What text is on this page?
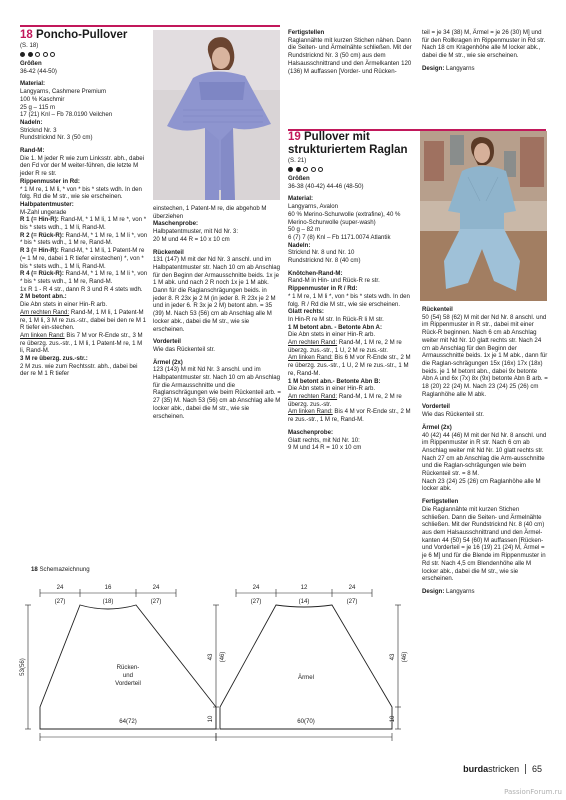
18 Poncho-Pullover

(S. 18)

Größen

36-42 (44-50)

Material:

Langyarns, Cashmere Premium
100 % Kaschmir
25 g – 115 m
17 (21) Knl – Fb 78.0190 Veilchen

Nadeln:

Stricknd Nr. 3
Rundstricknd Nr. 3 (50 cm)

Rand-M:

Die 1. M jeder R wie zum Linksstr. abh., dabei den Fd vor der M weiter-führen, die letzte M jeder R re str.

Rippenmuster in Rd:

* 1 M re, 1 M li, * von * bis * stets wdh. In den folg. Rd die M str., wie sie erscheinen.

Halbpatentmuster:

M-Zahl ungerade

R 1 (= Hin-R): Rand-M, * 1 M li, 1 M re *, von * bis * stets wdh., 1 M li, Rand-M.

R 2 (= Rück-R): Rand-M, * 1 M re, 1 M li *, von * bis * stets wdh., 1 M re, Rand-M.

R 3 (= Hin-R): Rand-M, * 1 M li, 1 Patent-M re (= 1 M re, dabei 1 R tiefer einstechen) *, von * bis * stets wdh., 1 M li, Rand-M.

R 4 (= Rück-R): Rand-M, * 1 M re, 1 M li *, von * bis * stets wdh., 1 M re, Rand-M.

1x R 1 - R 4 str., dann R 3 und R 4 stets wdh.

2 M betont abn.:

Die Abn stets in einer Hin-R arb.

Am rechten Rand: Rand-M, 1 M li, 1 Patent-M re, 1 M li, 3 M re zus.-str., dabei bei den re M 1 R tiefer ein-stechen.

Am linken Rand: Bis 7 M vor R-Ende str., 3 M re überzg. zus.-str., 1 M li, 1 Patent-M re, 1 M li, Rand-M.

3 M re überzg. zus.-str.:

2 M zus. wie zum Rechtsstr. abh., dabei bei der re M 1 R tiefer

einstechen, 1 Patent-M re, die abgehob M überziehen

Maschenprobe:

Halbpatentmuster, mit Nd Nr. 3:
20 M und 44 R = 10 x 10 cm

Rückenteil

131 (147) M mit der Nd Nr. 3 anschl. und im Halbpatentmuster str. Nach 10 cm ab Anschlag für den Beginn der Armausschnitte beids. 1x je 1 M abk. und nach 2 R noch 1x je 1 M abk. Dann für die Raglanschrägungen beids. in jeder 8. R 23x je 2 M (in jeder 8. R 23x je 2 M und in jeder 6. R 3x je 2 M) betont abn. = 35 (39) M. Nach 53 (56) cm ab Anschlag alle M locker abk., dabei die M str., wie sie erscheinen.

Vorderteil

Wie das Rückenteil str.

Ärmel (2x)

123 (143) M mit Nd Nr. 3 anschl. und im Halbpatentmuster str. Nach 10 cm ab Anschlag für die Armausschnitte und die Raglanschrägungen wie beim Rückenteil arb. = 27 (35) M. Nach 53 (56) cm ab Anschlag alle M locker abk., dabei die M str., wie sie erscheinen.

Fertigstellen

Raglannähte mit kurzen Stichen nähen. Dann die Seiten- und Ärmelnähte schließen. Mit der Rundstricknd Nr. 3 (50 cm) aus dem Halsausschnittrand und den Ärmelkanten 120 (136) M auffassen [Vorder- und Rücken-

teil = je 34 (38) M, Ärmel = je 26 (30) M] und für den Rollkragen im Rippenmuster in Rd str. Nach 18 cm Kragenhöhe alle M locker abk., dabei die M str., wie sie erscheinen.

Design: Langyarns

19 Pullover mit strukturiertem Raglan

(S. 21)

Größen

36-38 (40-42) 44-46 (48-50)

Material:

Langyarns, Avalon
60 % Merino-Schurwolle (extrafine), 40 % Merino-Schurwolle (super-wash)
50 g – 82 m
6 (7) 7 (8) Knl – Fb 1171.0074 Atlantik

Nadeln:

Stricknd Nr. 8 und Nr. 10
Rundstricknd Nr. 8 (40 cm)

Knötchen-Rand-M:

Rand-M in Hin- und Rück-R re str.

Rippenmuster in R / Rd:

* 1 M re, 1 M li *, von * bis * stets wdh. In den folg. R / Rd die M str., wie sie erscheinen.

Glatt rechts:

In Hin-R re M str. In Rück-R li M str.

1 M betont abn. - Betonte Abn A:

Die Abn stets in einer Hin-R arb.

Am rechten Rand: Rand-M, 1 M re, 2 M re überzg. zus.-str., 1 U, 2 M re zus.-str.

Am linken Rand: Bis 6 M vor R-Ende str., 2 M re überzg. zus.-str., 1 U, 2 M re zus.-str., 1 M re, Rand-M.

1 M betont abn.- Betonte Abn B:

Die Abn stets in einer Hin-R arb.

Am rechten Rand: Rand-M, 1 M re, 2 M re überzg. zus.-str.

Am linken Rand: Bis 4 M vor R-Ende str., 2 M re zus.-str., 1 M re, Rand-M.

Maschenprobe:

Glatt rechts, mit Nd Nr. 10:
9 M und 14 R = 10 x 10 cm

Rückenteil

50 (54) 58 (62) M mit der Nd Nr. 8 anschl. und im Rippenmuster in R str., dabei mit einer Rück-R beginnen. Nach 6 cm ab Anschlag weiter mit Nd Nr. 10 glatt rechts str. Nach 24 cm ab Anschlag für den Beginn der Armausschnitte beids. 1x je 1 M abk., dann für die Raglan-schrägungen 15x (16x) 17x (18x) beids. je 1 M betont abn., dabei 9x betonte Abn A und 6x (7x) 8x (9x) betonte Abn B arb. = 18 (20) 22 (24) M. Nach 23 (24) 25 (26) cm Raglanhöhe alle M abk.

Vorderteil

Wie das Rückenteil str.

Ärmel (2x)

40 (42) 44 (46) M mit der Nd Nr. 8 anschl. und im Rippenmuster in R str. Nach 6 cm ab Anschlag weiter mit Nd Nr. 10 glatt rechts str. Nach 27 cm ab Anschlag die Arm-ausschnitte und die Raglan-schrägungen wie beim Rückenteil str. = 8 M.
Nach 23 (24) 25 (26) cm Raglanhöhe alle M locker abk.

Fertigstellen

Die Raglannähte mit kurzen Stichen schließen. Dann die Seiten- und Ärmelnähte schließen. Mit der Rundstricknd Nr. 8 (40 cm) aus dem Halsausschnittrand und den Ärmel-kanten 44 (50) 54 (60) M auffassen [Rücken- und Vorderteil = je 16 (19) 21 (24) M, Ärmel = je 6 M] und für die Blende im Rippenmuster in Rd str. Nach 4,5 cm Blendenhöhe alle M locker abk., dabei die M str., wie sie erscheinen.

Design: Langyarns

18 Schemazeichnung
24	16	24
(27)	(18)	(27)
64(72)
24	12	24
(27)	(14)	(27)
60(70)
Ärmel
Rücken-
und
Vorderteil
53(56)
43 (46)
10
43 (46)
10
burdastricken 65
PassionForum.ru
